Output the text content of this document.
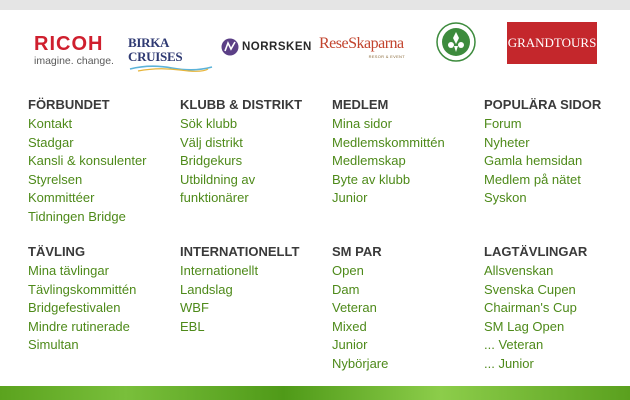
RICOH
imagine. change.
BIRKA CRUISES
NORRSKEN ReseSkaparna
RESOR & EVENT
GRANDTOURS
FÖRBUNDET
Kontakt
Stadgar
Kansli & konsulenter
Styrelsen
Kommittéer
Tidningen Bridge
KLUBB & DISTRIKT
Sök klubb
Välj distrikt
Bridgekurs
Utbildning av
funktionärer
MEDLEM
Mina sidor
Medlemskommittén
Medlemskap
Byte av klubb
Junior
POPULÄRA SIDOR
Forum
Nyheter
Gamla hemsidan
Medlem på nätet
Syskon
TÄVLING
Mina tävlingar
Tävlingskommittén
Bridgefestivalen
Mindre rutinerade
Simultan
INTERNATIONELLT
Internationellt
Landslag
WBF
EBL
SM PAR
Open
Dam
Veteran
Mixed
Junior
Nybörjare
LAGTÄVLINGAR
Allsvenskan
Svenska Cupen
Chairman's Cup
SM Lag Open
... Veteran
... Junior
